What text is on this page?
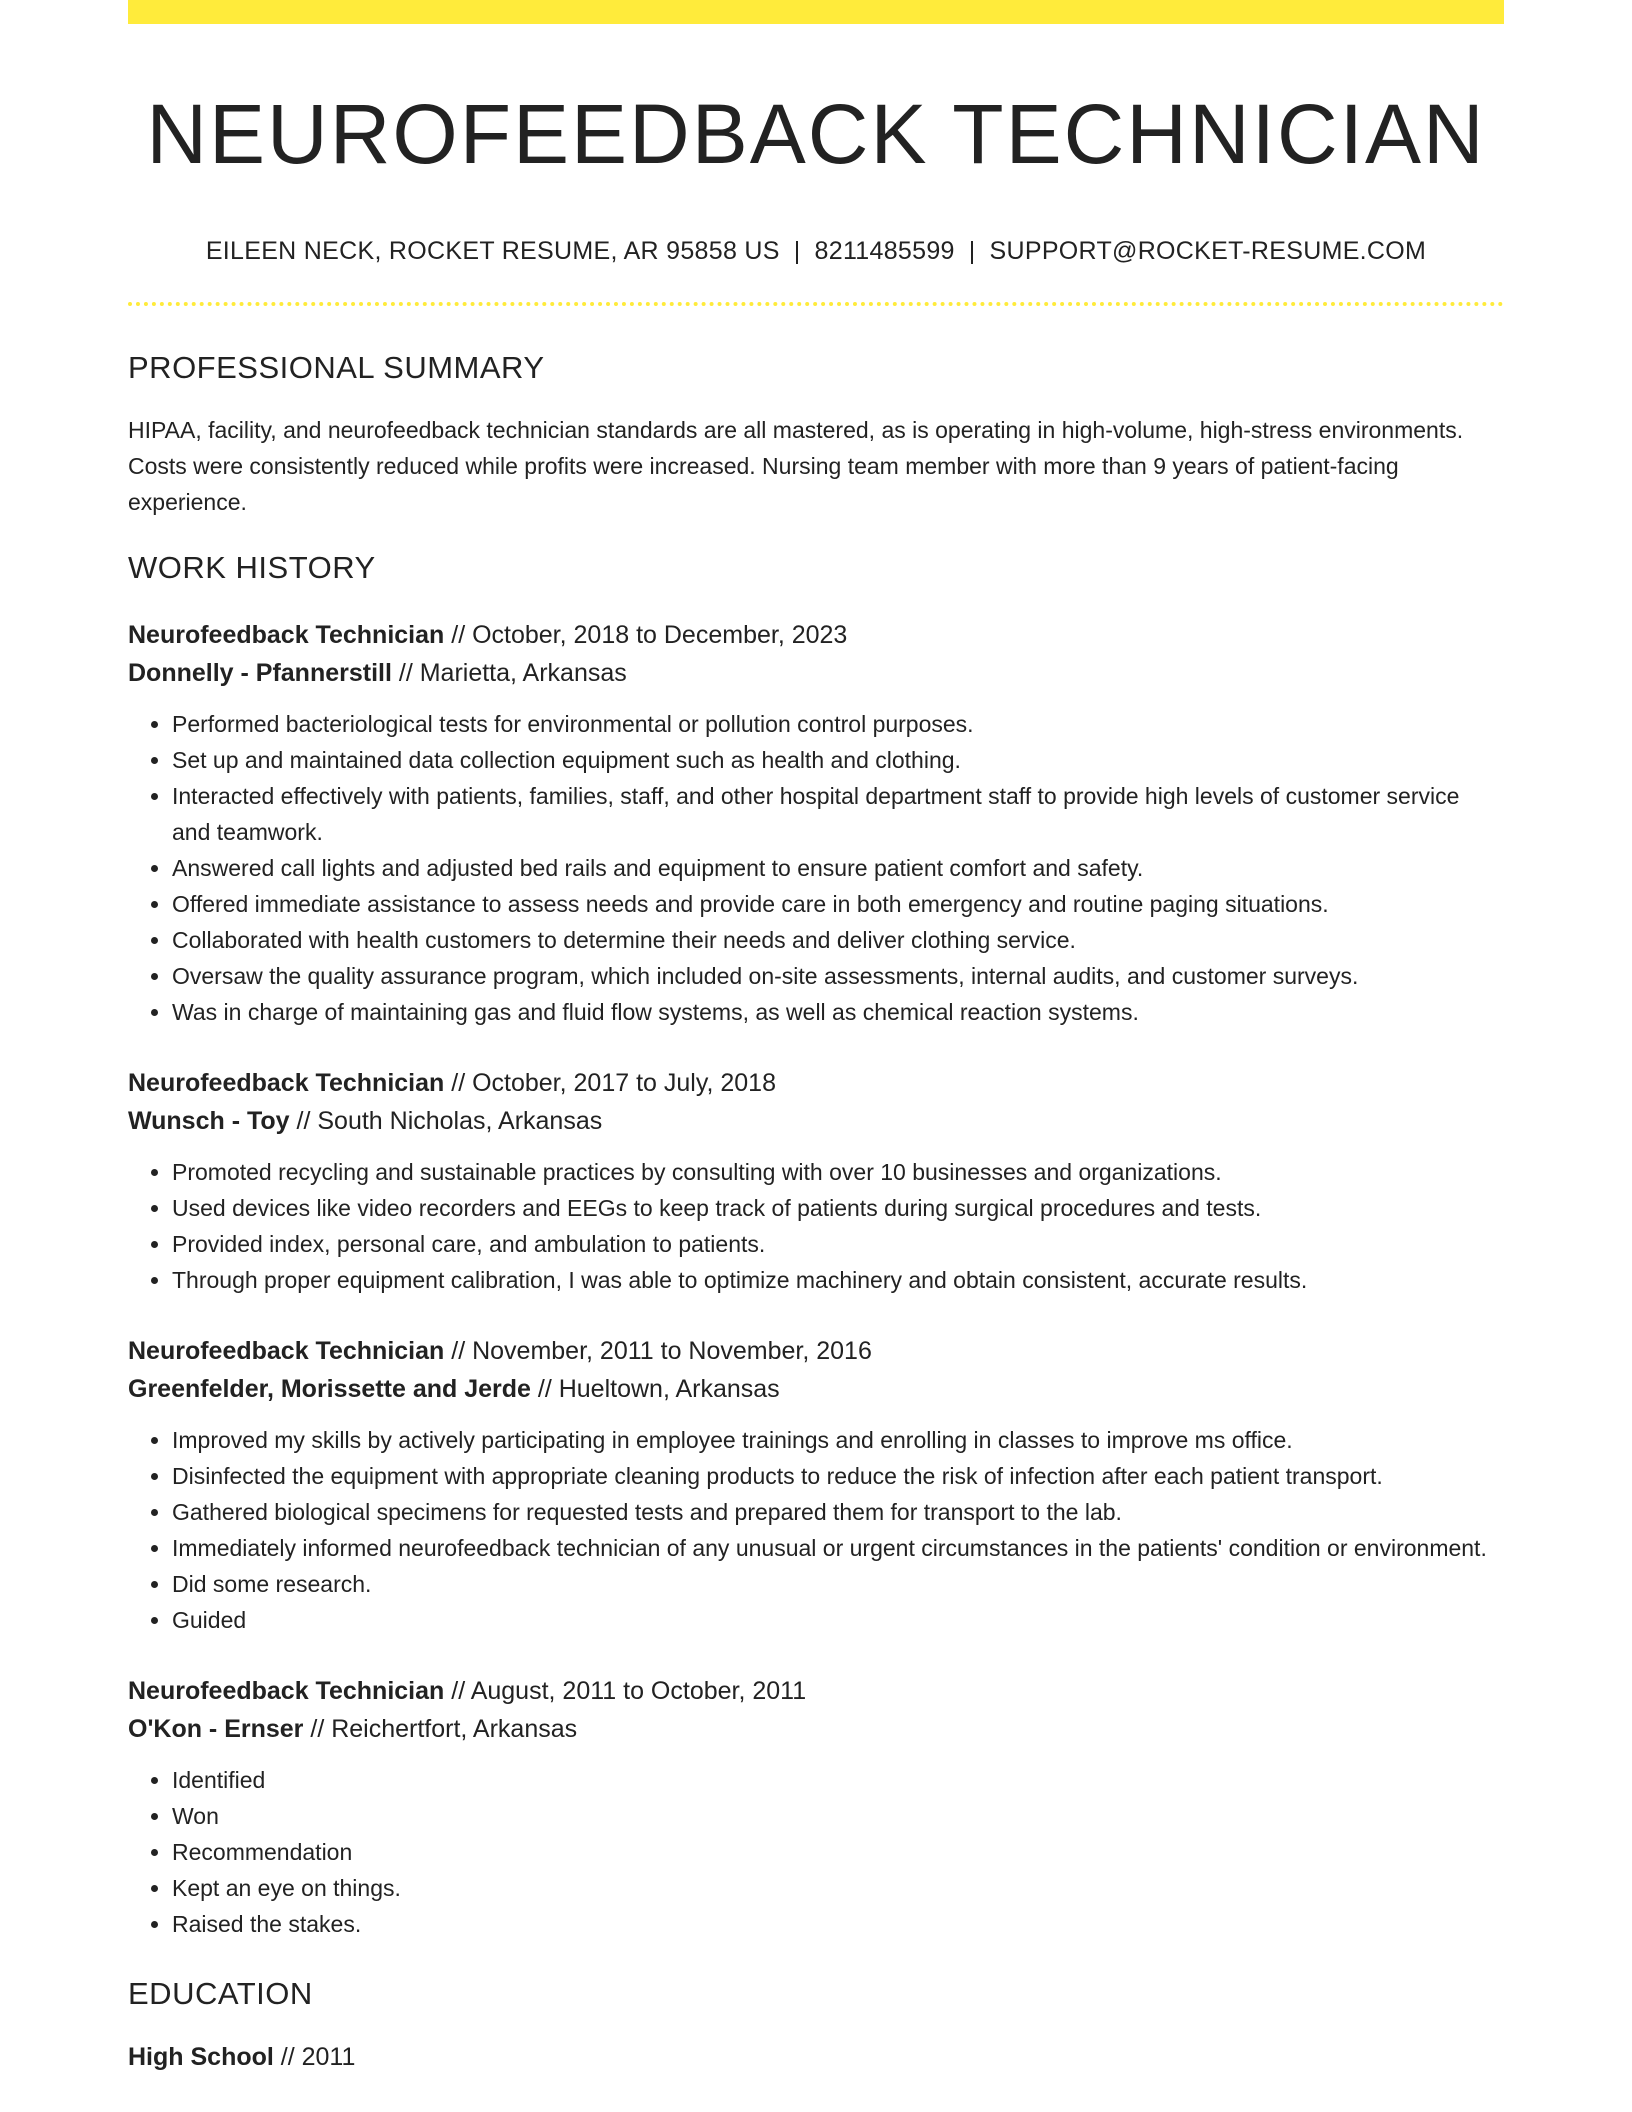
NEUROFEEDBACK TECHNICIAN
EILEEN NECK, ROCKET RESUME, AR 95858 US | 8211485599 | SUPPORT@ROCKET-RESUME.COM
PROFESSIONAL SUMMARY
HIPAA, facility, and neurofeedback technician standards are all mastered, as is operating in high-volume, high-stress environments. Costs were consistently reduced while profits were increased. Nursing team member with more than 9 years of patient-facing experience.
WORK HISTORY
Neurofeedback Technician // October, 2018 to December, 2023
Donnelly - Pfannerstill // Marietta, Arkansas
• Performed bacteriological tests for environmental or pollution control purposes.
• Set up and maintained data collection equipment such as health and clothing.
• Interacted effectively with patients, families, staff, and other hospital department staff to provide high levels of customer service and teamwork.
• Answered call lights and adjusted bed rails and equipment to ensure patient comfort and safety.
• Offered immediate assistance to assess needs and provide care in both emergency and routine paging situations.
• Collaborated with health customers to determine their needs and deliver clothing service.
• Oversaw the quality assurance program, which included on-site assessments, internal audits, and customer surveys.
• Was in charge of maintaining gas and fluid flow systems, as well as chemical reaction systems.
Neurofeedback Technician // October, 2017 to July, 2018
Wunsch - Toy // South Nicholas, Arkansas
• Promoted recycling and sustainable practices by consulting with over 10 businesses and organizations.
• Used devices like video recorders and EEGs to keep track of patients during surgical procedures and tests.
• Provided index, personal care, and ambulation to patients.
• Through proper equipment calibration, I was able to optimize machinery and obtain consistent, accurate results.
Neurofeedback Technician // November, 2011 to November, 2016
Greenfelder, Morissette and Jerde // Hueltown, Arkansas
• Improved my skills by actively participating in employee trainings and enrolling in classes to improve ms office.
• Disinfected the equipment with appropriate cleaning products to reduce the risk of infection after each patient transport.
• Gathered biological specimens for requested tests and prepared them for transport to the lab.
• Immediately informed neurofeedback technician of any unusual or urgent circumstances in the patients' condition or environment.
• Did some research.
• Guided
Neurofeedback Technician // August, 2011 to October, 2011
O'Kon - Ernser // Reichertfort, Arkansas
• Identified
• Won
• Recommendation
• Kept an eye on things.
• Raised the stakes.
EDUCATION
High School // 2011
